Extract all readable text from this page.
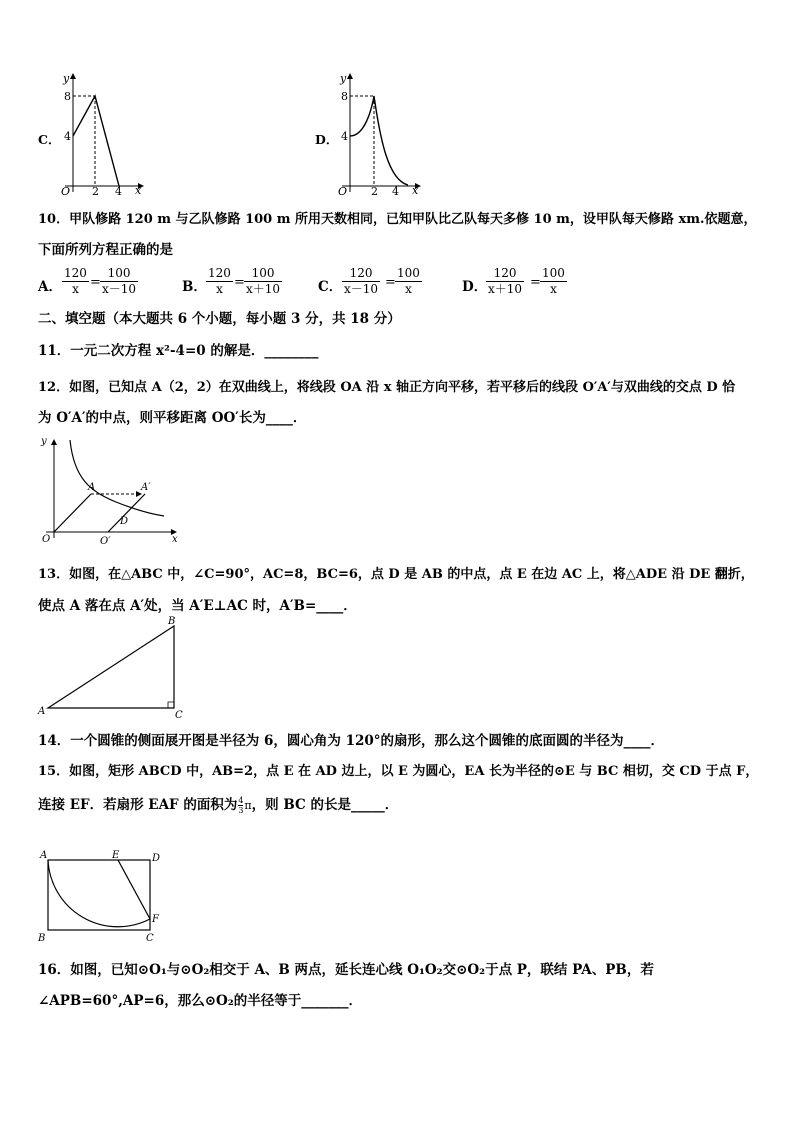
C．
y
x
O
8
4
2 4
D．
y
x
O
8
4
2 4
10．甲队修路 120 m 与乙队修路 100 m 所用天数相同，已知甲队比乙队每天多修 10 m，设甲队每天修路 xm.依题意，
下面所列方程正确的是
A． $\frac{120}{x} = \frac{100}{x-10}$	B． $\frac{120}{x} = \frac{100}{x+10}$	C． $\frac{120}{x-10} = \frac{100}{x}$	D．
$\frac{120}{x+10} = \frac{100}{x}$
二、填空题（本大题共 6 个小题，每小题 3 分，共 18 分）
11．一元二次方程 x²-4=0 的解是．________
12．如图，已知点 A（2，2）在双曲线上，将线段 OA 沿 x 轴正方向平移，若平移后的线段 O′A′与双曲线的交点 D 恰
为 O′A′的中点，则平移距离 OO′长为____．
y
x
O
A	A′
D
O′
13．如图，在△ABC 中，∠C=90°，AC=8，BC=6，点 D 是 AB 的中点，点 E 在边 AC 上，将△ADE 沿 DE 翻折，
使点 A 落在点 A′处，当 A′E⊥AC 时，A′B=____．
A
B
C
14．一个圆锥的侧面展开图是半径为 6，圆心角为 120°的扇形，那么这个圆锥的底面圆的半径为____．
15．如图，矩形 ABCD 中，AB=2，点 E 在 AD 边上，以 E 为圆心，EA 长为半径的⊙E 与 BC 相切，交 CD 于点 F，
连接 EF．若扇形 EAF 的面积为 $\frac{4}{3}$ π，则 BC 的长是_____．
A	E	D
F
B	C
16．如图，已知⊙O₁与⊙O₂相交于 A、B 两点，延长连心线 O₁O₂交⊙O₂于点 P，联结 PA、PB，若
∠APB=60°,AP=6，那么⊙O₂的半径等于_______．
